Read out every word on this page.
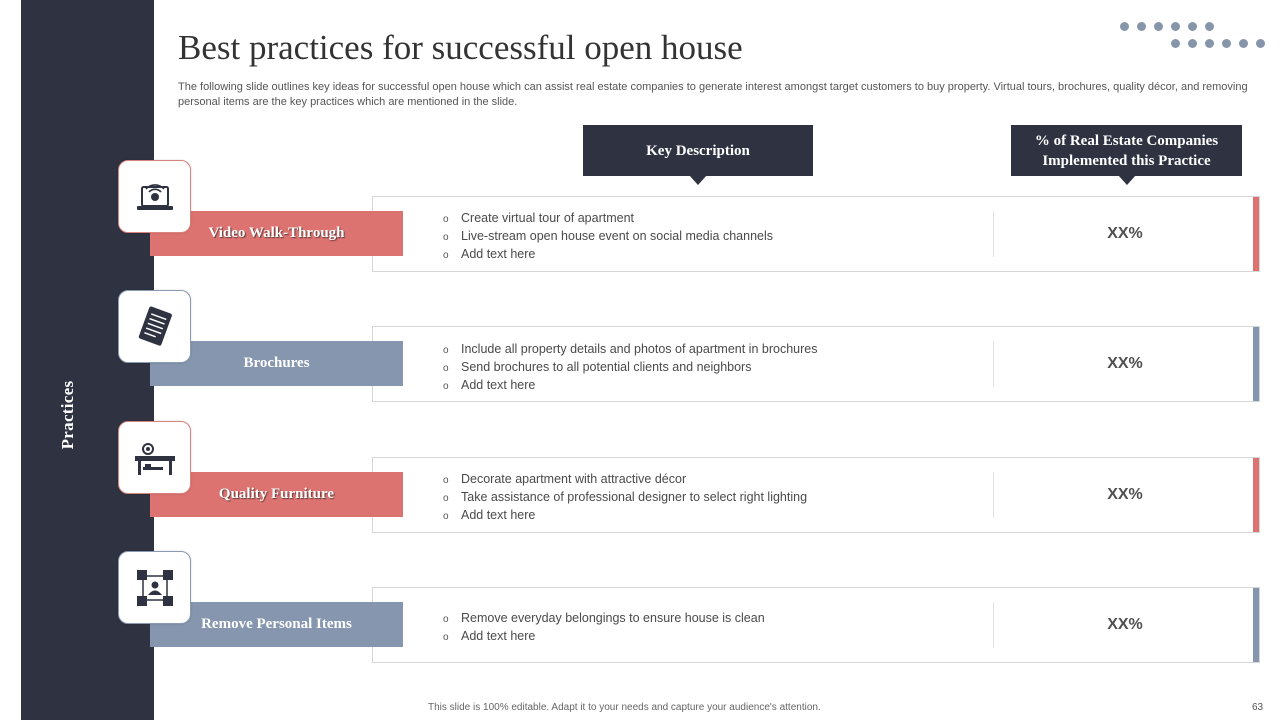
Practices
Best practices for successful open house
The following slide outlines key ideas for successful open house which can assist real estate companies to generate interest amongst target customers to buy property. Virtual tours, brochures, quality décor, and removing personal items are the key practices which are mentioned in the slide.
Key Description
% of Real Estate Companies Implemented this Practice
o Create virtual tour of apartment
o Live-stream open house event on social media channels
o Add text here
XX%
Video Walk-Through
o Include all property details and photos of apartment in brochures
o Send brochures to all potential clients and neighbors
o Add text here
XX%
Brochures
o Decorate apartment with attractive décor
o Take assistance of professional designer to select right lighting
o Add text here
XX%
Quality Furniture
o Remove everyday belongings to ensure house is clean
o Add text here
XX%
Remove Personal Items
This slide is 100% editable. Adapt it to your needs and capture your audience's attention.	63
